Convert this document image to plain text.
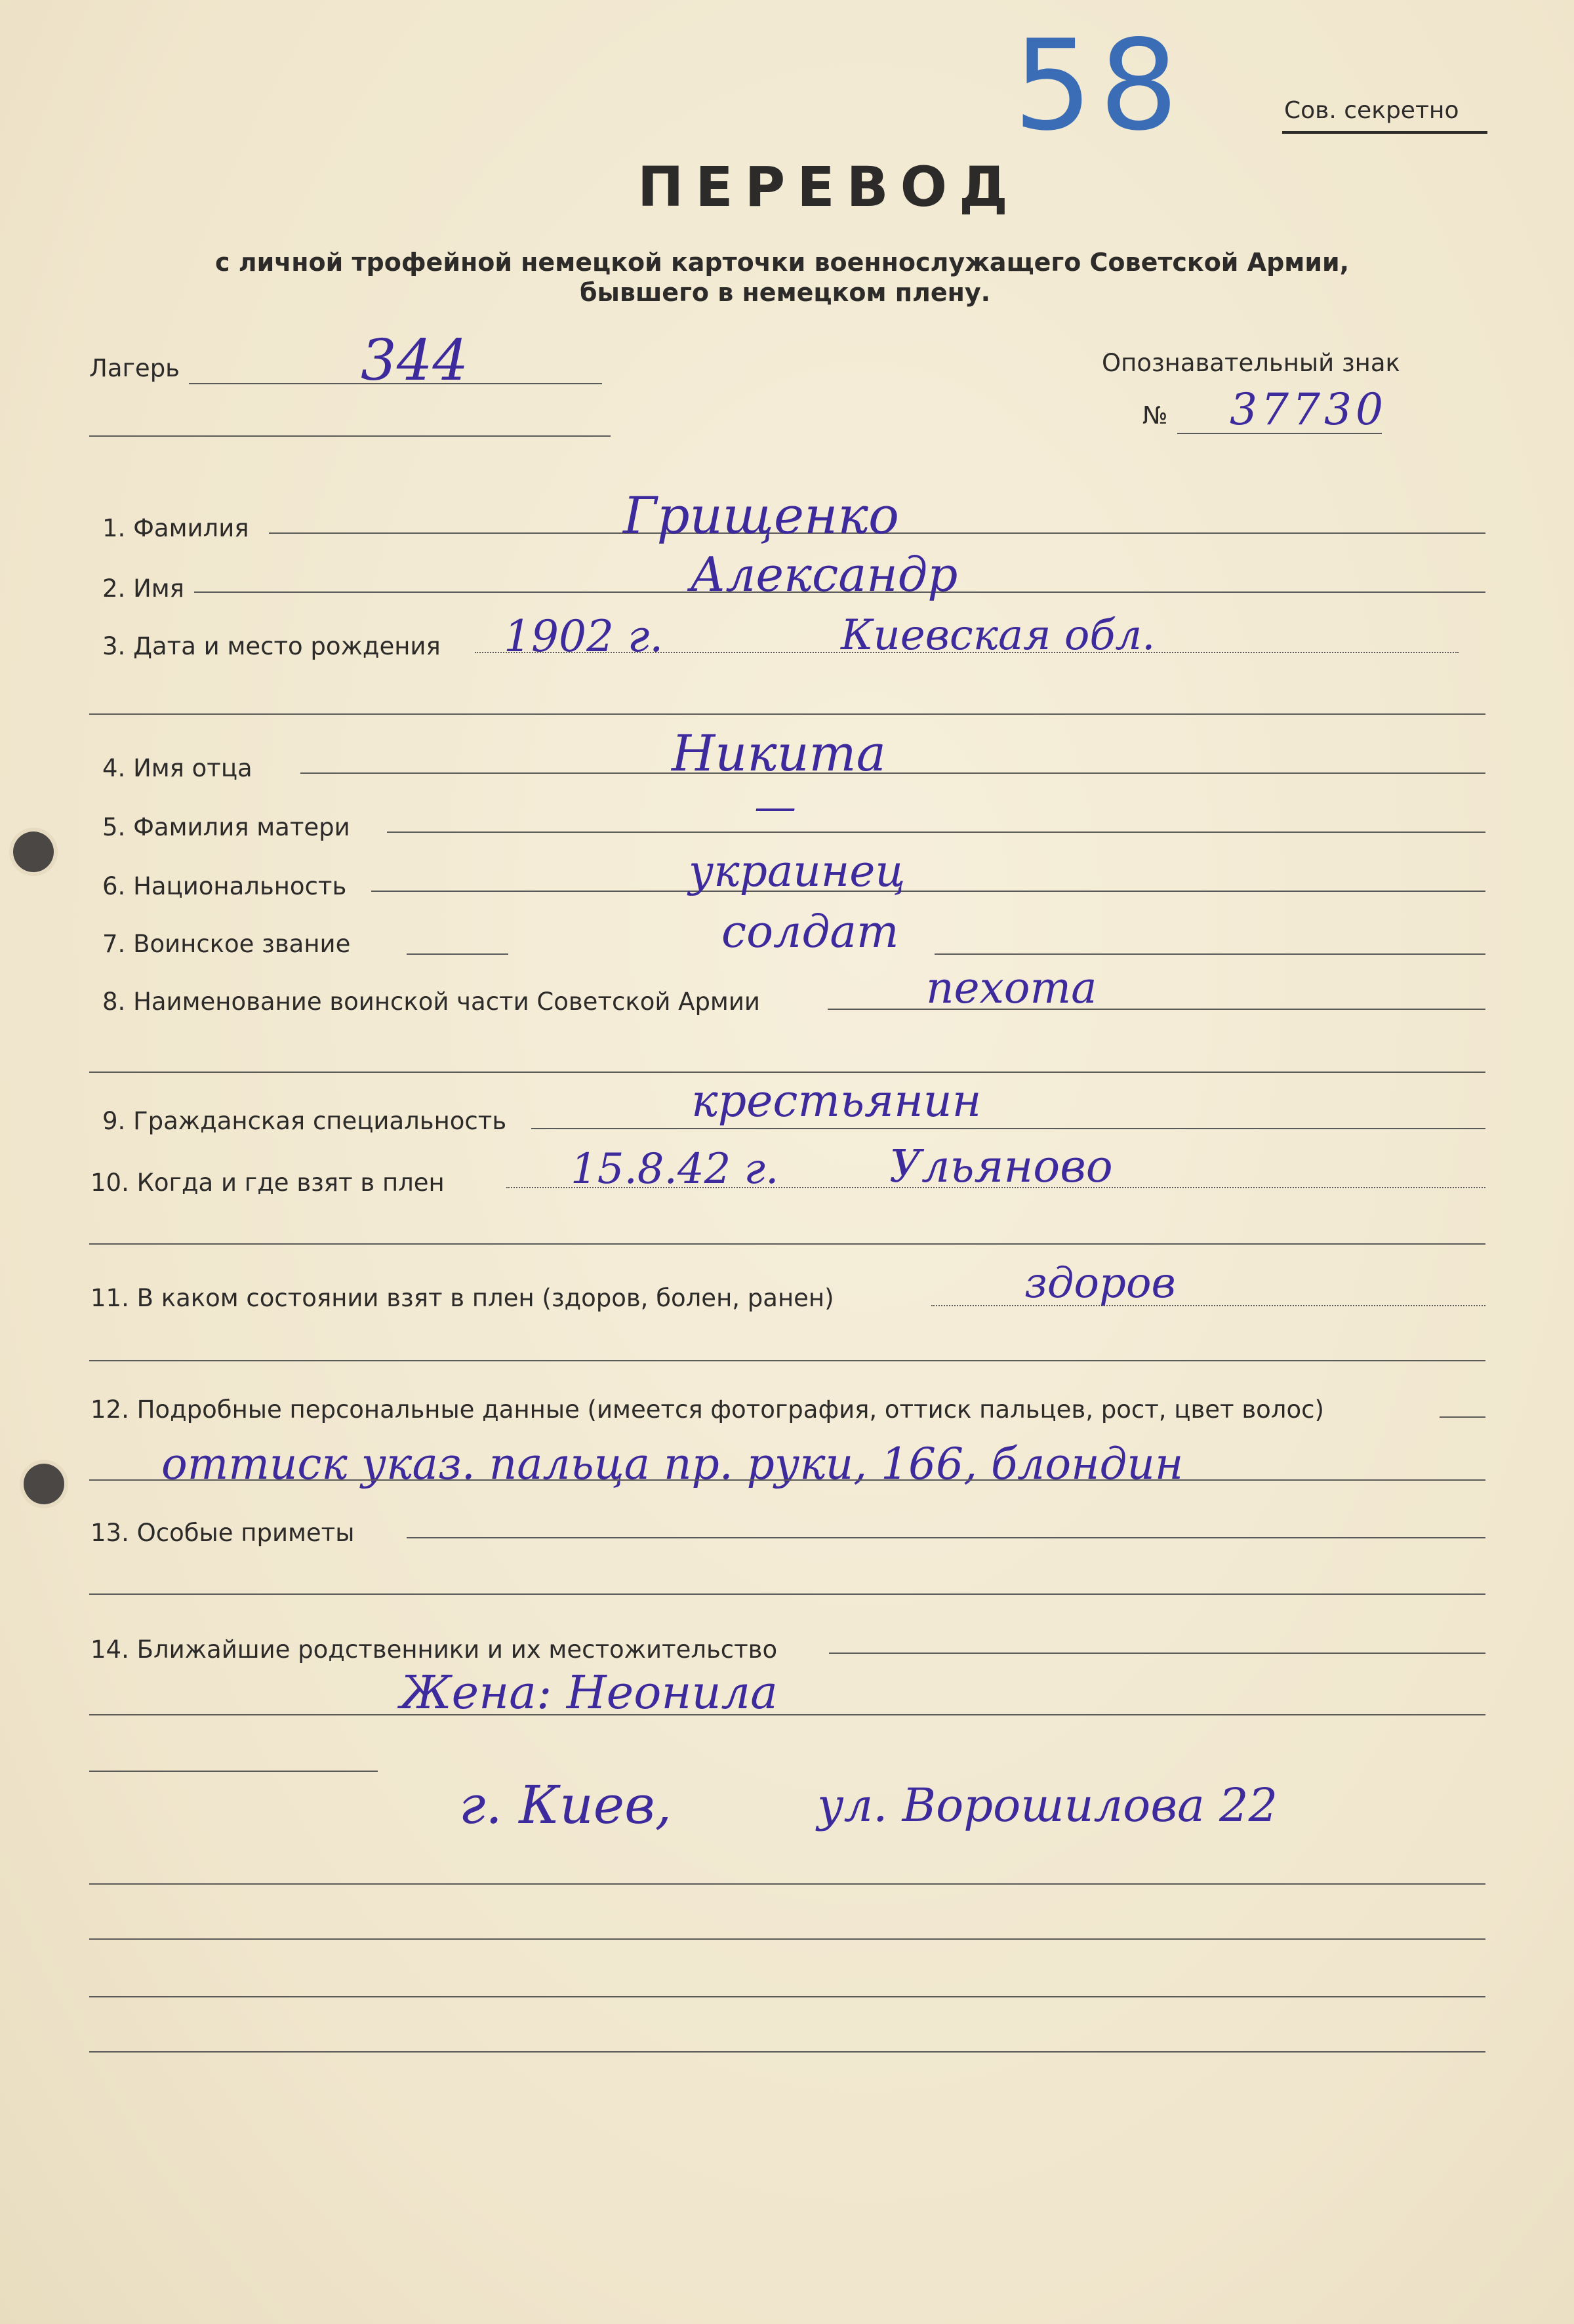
58	Сов. секретно
ПЕРЕВОД
с личной трофейной немецкой карточки военнослужащего Советской Армии,
бывшего в немецком плену.
Лагерь	344	Опознавательный знак
№ 37730
1. Фамилия	Грищенко
2. Имя	Александр
3. Дата и место рождения 1902 г.	Киевская обл.
4. Имя отца	Никита
5. Фамилия матери	—
6. Национальность	украинец
7. Воинское звание	солдат
8. Наименование воинской части Советской Армии	пехота
9. Гражданская специальность	крестьянин
10. Когда и где взят в плен	15.8.42 г. Ульяново
11. В каком состоянии взят в плен (здоров, болен, ранен)	здоров
12. Подробные персональные данные (имеется фотография, оттиск пальцев, рост, цвет волос)
оттиск указ. пальца пр. руки, 166, блондин
13. Особые приметы
14. Ближайшие родственники и их местожительство
Жена: Неонила
г. Киев,	ул. Ворошилова 22
